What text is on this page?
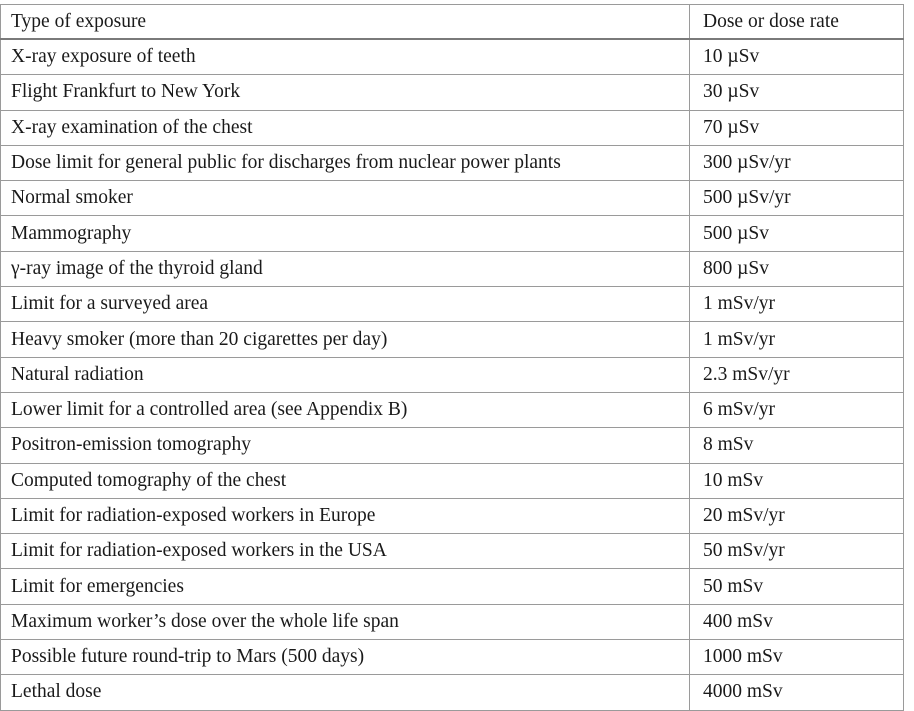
Type of exposure	Dose or dose rate
X-ray exposure of teeth	10 µSv
Flight Frankfurt to New York	30 µSv
X-ray examination of the chest	70 µSv
Dose limit for general public for discharges from nuclear power plants	300 µSv/yr
Normal smoker	500 µSv/yr
Mammography	500 µSv
γ-ray image of the thyroid gland	800 µSv
Limit for a surveyed area	1 mSv/yr
Heavy smoker (more than 20 cigarettes per day)	1 mSv/yr
Natural radiation	2.3 mSv/yr
Lower limit for a controlled area (see Appendix B)	6 mSv/yr
Positron-emission tomography	8 mSv
Computed tomography of the chest	10 mSv
Limit for radiation-exposed workers in Europe	20 mSv/yr
Limit for radiation-exposed workers in the USA	50 mSv/yr
Limit for emergencies	50 mSv
Maximum worker’s dose over the whole life span	400 mSv
Possible future round-trip to Mars (500 days)	1000 mSv
Lethal dose	4000 mSv
